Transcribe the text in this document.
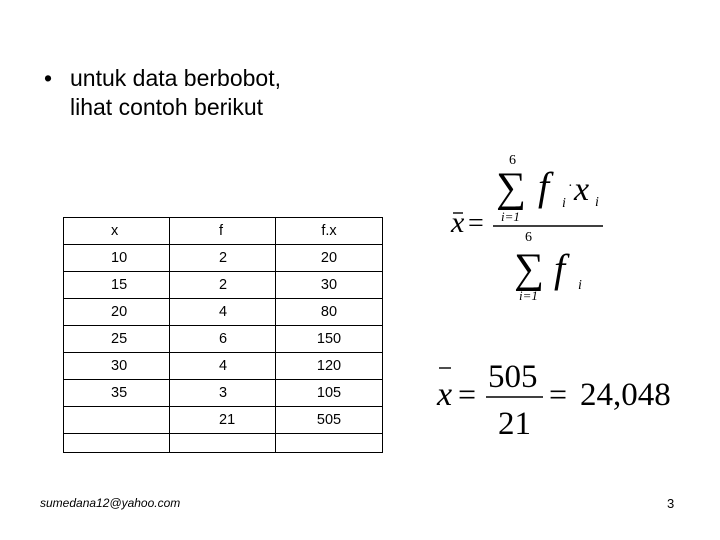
• untuk data berbobot,
lihat contoh berikut
x	f	f.x
10	2	20
15	2	30
20	4	80
25	6	150
30	4	120
35	3	105
	21	505

x =
6
∑
i=1
f i
· x i
6
∑
i=1
f i
x = 505
21
= 24,048
sumedana12@yahoo.com	3
